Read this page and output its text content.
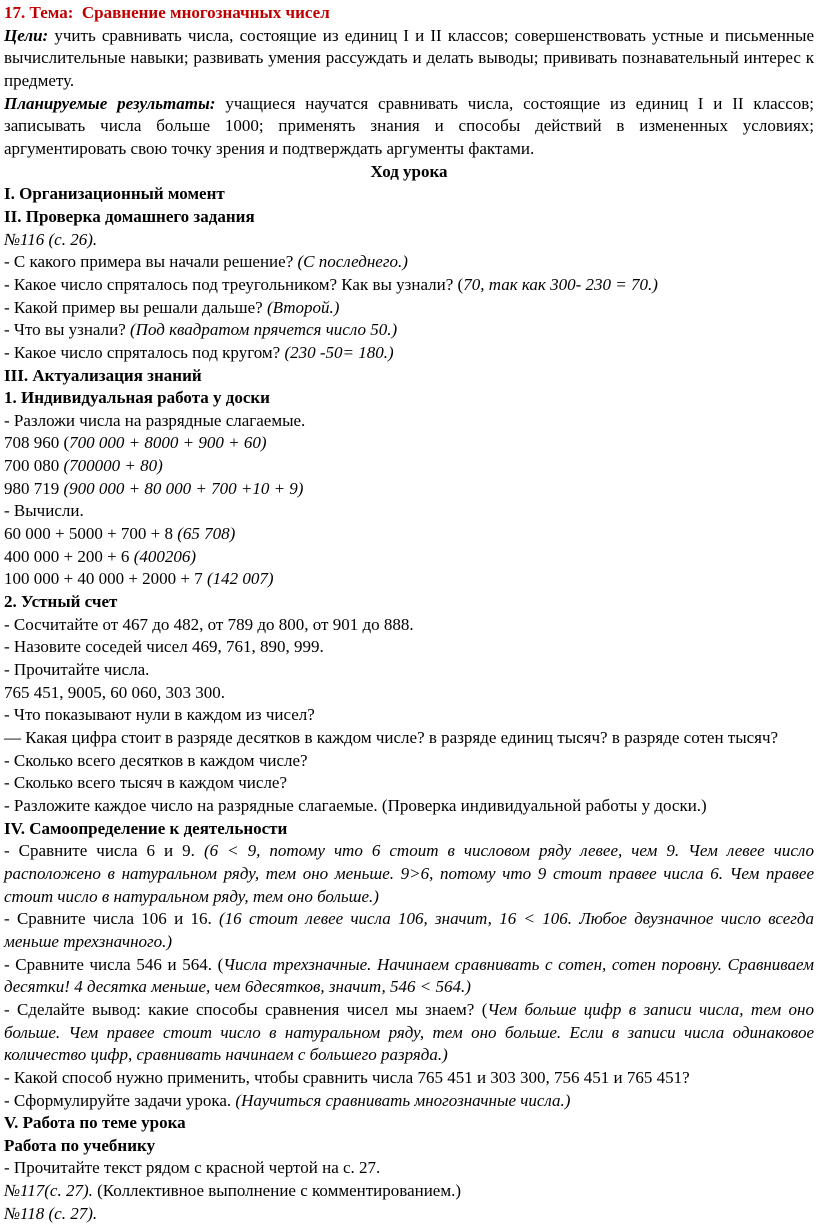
17. Тема: Сравнение многозначных чисел
Цели: учить сравнивать числа, состоящие из единиц I и II классов; совершенствовать устные и письменные вычислительные навыки; развивать умения рассуждать и делать выводы; прививать познавательный интерес к предмету.
Планируемые результаты: учащиеся научатся сравнивать числа, состоящие из единиц I и II классов; записывать числа больше 1000; применять знания и способы действий в измененных условиях; аргументировать свою точку зрения и подтверждать аргументы фактами.
Ход урока
I. Организационный момент
II. Проверка домашнего задания
№116 (с. 26).
- С какого примера вы начали решение? (С последнего.)
- Какое число спряталось под треугольником? Как вы узнали? (70, так как 300- 230 = 70.)
- Какой пример вы решали дальше? (Второй.)
- Что вы узнали? (Под квадратом прячется число 50.)
- Какое число спряталось под кругом? (230 -50= 180.)
III. Актуализация знаний
1. Индивидуальная работа у доски
- Разложи числа на разрядные слагаемые.
708 960 (700 000 + 8000 + 900 + 60)
700 080 (700000 + 80)
980 719 (900 000 + 80 000 + 700 +10 + 9)
- Вычисли.
60 000 + 5000 + 700 + 8 (65 708)
400 000 + 200 + 6 (400206)
100 000 + 40 000 + 2000 + 7 (142 007)
2. Устный счет
- Сосчитайте от 467 до 482, от 789 до 800, от 901 до 888.
- Назовите соседей чисел 469, 761, 890, 999.
- Прочитайте числа.
765 451, 9005, 60 060, 303 300.
- Что показывают нули в каждом из чисел?
— Какая цифра стоит в разряде десятков в каждом числе? в разряде единиц тысяч? в разряде сотен тысяч?
- Сколько всего десятков в каждом числе?
- Сколько всего тысяч в каждом числе?
- Разложите каждое число на разрядные слагаемые. (Проверка индивидуальной работы у доски.)
IV. Самоопределение к деятельности
- Сравните числа 6 и 9. (6 < 9, потому что 6 стоит в числовом ряду левее, чем 9. Чем левее число расположено в натуральном ряду, тем оно меньше. 9>6, потому что 9 стоит правее числа 6. Чем правее стоит число в натуральном ряду, тем оно больше.)
- Сравните числа 106 и 16. (16 стоит левее числа 106, значит, 16 < 106. Любое двузначное число всегда меньше трехзначного.)
- Сравните числа 546 и 564. (Числа трехзначные. Начинаем сравнивать с сотен, сотен поровну. Сравниваем десятки! 4 десятка меньше, чем 6десятков, значит, 546 < 564.)
- Сделайте вывод: какие способы сравнения чисел мы знаем? (Чем больше цифр в записи числа, тем оно больше. Чем правее стоит число в натуральном ряду, тем оно больше. Если в записи числа одинаковое количество цифр, сравнивать начинаем с большего разряда.)
- Какой способ нужно применить, чтобы сравнить числа 765 451 и 303 300, 756 451 и 765 451?
- Сформулируйте задачи урока. (Научиться сравнивать многозначные числа.)
V. Работа по теме урока
Работа по учебнику
- Прочитайте текст рядом с красной чертой на с. 27.
№117(с. 27). (Коллективное выполнение с комментированием.)
№118 (с. 27).
